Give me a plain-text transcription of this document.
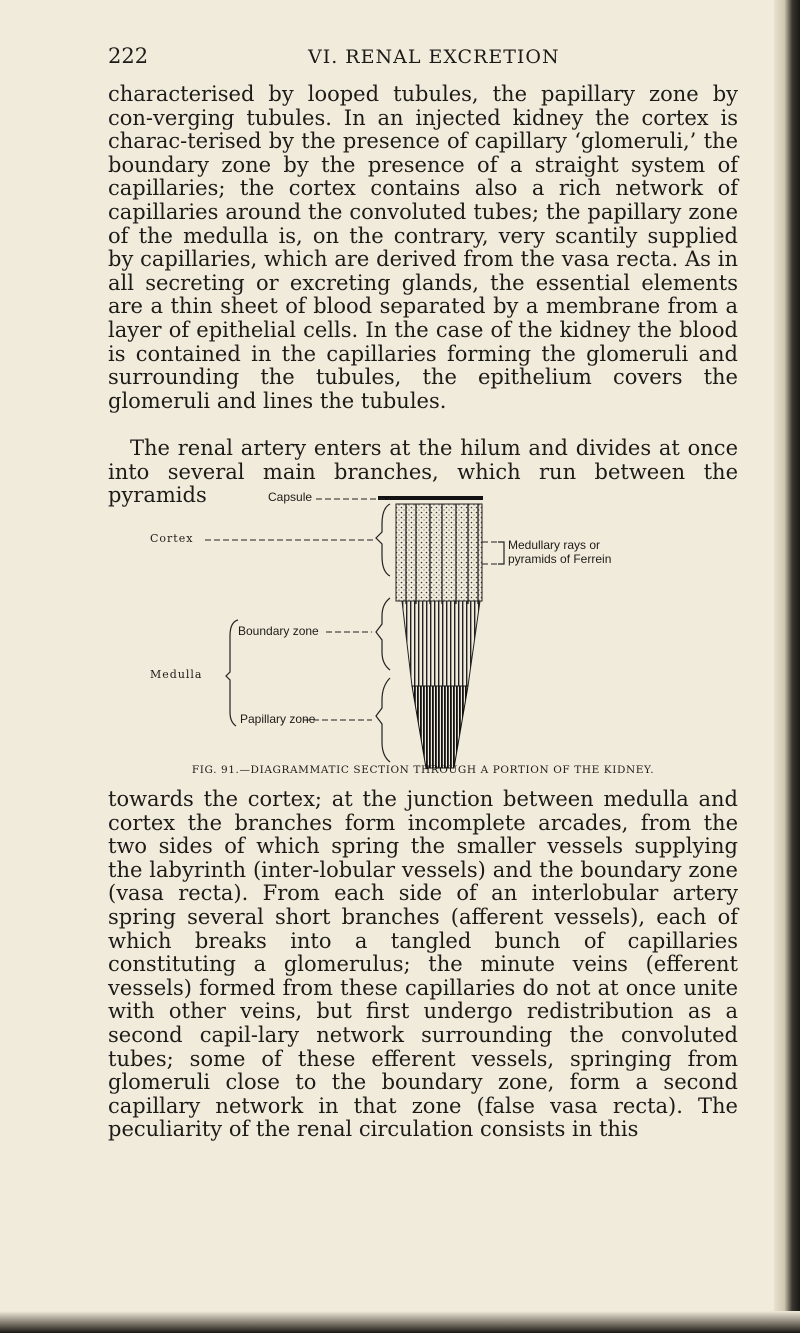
222	VI. RENAL EXCRETION

characterised by looped tubules, the papillary zone by con-verging tubules. In an injected kidney the cortex is charac-terised by the presence of capillary ‘glomeruli,’ the boundary zone by the presence of a straight system of capillaries; the cortex contains also a rich network of capillaries around the convoluted tubes; the papillary zone of the medulla is, on the contrary, very scantily supplied by capillaries, which are derived from the vasa recta. As in all secreting or excreting glands, the essential elements are a thin sheet of blood separated by a membrane from a layer of epithelial cells. In the case of the kidney the blood is contained in the capillaries forming the glomeruli and surrounding the tubules, the epithelium covers the glomeruli and lines the tubules.

The renal artery enters at the hilum and divides at once into several main branches, which run between the pyramids	Capsule
Cortex	Medullary rays or
pyramids of Ferrein
Boundary zone
Medulla
Papillary zone
FIG. 91.—DIAGRAMMATIC SECTION THROUGH A PORTION OF THE KIDNEY.

towards the cortex; at the junction between medulla and cortex the branches form incomplete arcades, from the two sides of which spring the smaller vessels supplying the labyrinth (inter-lobular vessels) and the boundary zone (vasa recta). From each side of an interlobular artery spring several short branches (afferent vessels), each of which breaks into a tangled bunch of capillaries constituting a glomerulus; the minute veins (efferent vessels) formed from these capillaries do not at once unite with other veins, but first undergo redistribution as a second capil-lary network surrounding the convoluted tubes; some of these efferent vessels, springing from glomeruli close to the boundary zone, form a second capillary network in that zone (false vasa recta). The peculiarity of the renal circulation consists in this
